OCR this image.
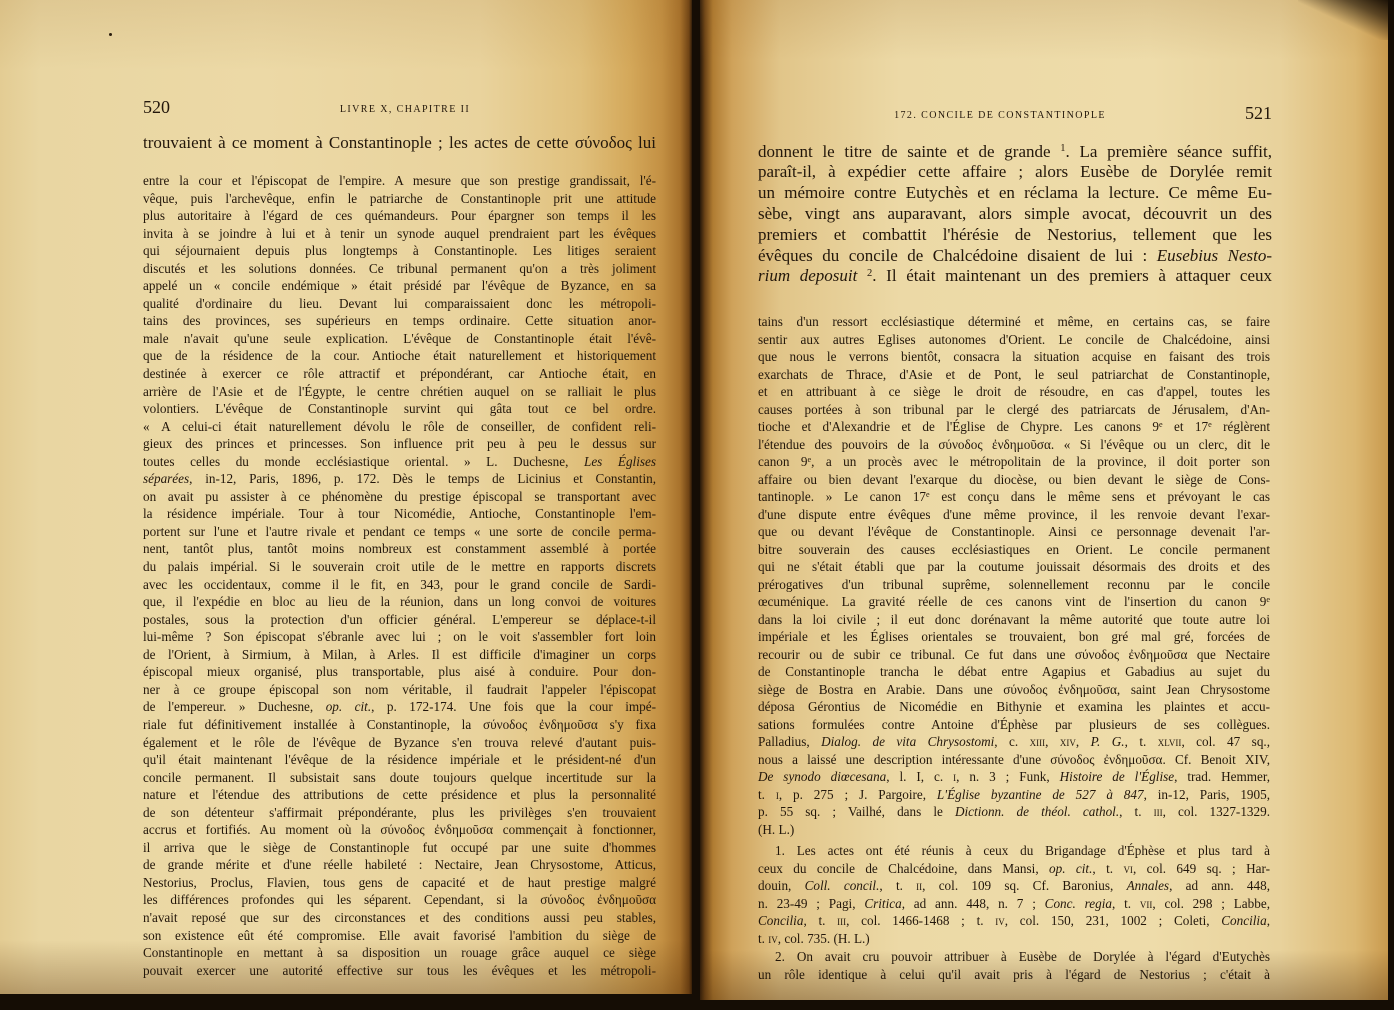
520	LIVRE X, CHAPITRE II
trouvaient à ce moment à Constantinople ; les actes de cette σύνοδος lui
entre la cour et l'épiscopat de l'empire. A mesure que son prestige grandissait, l'é-
vêque, puis l'archevêque, enfin le patriarche de Constantinople prit une attitude
plus autoritaire à l'égard de ces quémandeurs. Pour épargner son temps il les
invita à se joindre à lui et à tenir un synode auquel prendraient part les évêques
qui séjournaient depuis plus longtemps à Constantinople. Les litiges seraient
discutés et les solutions données. Ce tribunal permanent qu'on a très joliment
appelé un « concile endémique » était présidé par l'évêque de Byzance, en sa
qualité d'ordinaire du lieu. Devant lui comparaissaient donc les métropoli-
tains des provinces, ses supérieurs en temps ordinaire. Cette situation anor-
male n'avait qu'une seule explication. L'évêque de Constantinople était l'évê-
que de la résidence de la cour. Antioche était naturellement et historiquement
destinée à exercer ce rôle attractif et prépondérant, car Antioche était, en
arrière de l'Asie et de l'Égypte, le centre chrétien auquel on se ralliait le plus
volontiers. L'évêque de Constantinople survint qui gâta tout ce bel ordre.
« A celui-ci était naturellement dévolu le rôle de conseiller, de confident reli-
gieux des princes et princesses. Son influence prit peu à peu le dessus sur
toutes celles du monde ecclésiastique oriental. » L. Duchesne, Les Églises
séparées, in-12, Paris, 1896, p. 172. Dès le temps de Licinius et Constantin,
on avait pu assister à ce phénomène du prestige épiscopal se transportant avec
la résidence impériale. Tour à tour Nicomédie, Antioche, Constantinople l'em-
portent sur l'une et l'autre rivale et pendant ce temps « une sorte de concile perma-
nent, tantôt plus, tantôt moins nombreux est constamment assemblé à portée
du palais impérial. Si le souverain croit utile de le mettre en rapports discrets
avec les occidentaux, comme il le fit, en 343, pour le grand concile de Sardi-
que, il l'expédie en bloc au lieu de la réunion, dans un long convoi de voitures
postales, sous la protection d'un officier général. L'empereur se déplace-t-il
lui-même ? Son épiscopat s'ébranle avec lui ; on le voit s'assembler fort loin
de l'Orient, à Sirmium, à Milan, à Arles. Il est difficile d'imaginer un corps
épiscopal mieux organisé, plus transportable, plus aisé à conduire. Pour don-
ner à ce groupe épiscopal son nom véritable, il faudrait l'appeler l'épiscopat
de l'empereur. » Duchesne, op. cit., p. 172-174. Une fois que la cour impé-
riale fut définitivement installée à Constantinople, la σύνοδος ἐνδημοῦσα s'y fixa
également et le rôle de l'évêque de Byzance s'en trouva relevé d'autant puis-
qu'il était maintenant l'évêque de la résidence impériale et le président-né d'un
concile permanent. Il subsistait sans doute toujours quelque incertitude sur la
nature et l'étendue des attributions de cette présidence et plus la personnalité
de son détenteur s'affirmait prépondérante, plus les privilèges s'en trouvaient
accrus et fortifiés. Au moment où la σύνοδος ἐνδημοῦσα commençait à fonctionner,
il arriva que le siège de Constantinople fut occupé par une suite d'hommes
de grande mérite et d'une réelle habileté : Nectaire, Jean Chrysostome, Atticus,
Nestorius, Proclus, Flavien, tous gens de capacité et de haut prestige malgré
les différences profondes qui les séparent. Cependant, si la σύνοδος ἐνδημοῦσα
n'avait reposé que sur des circonstances et des conditions aussi peu stables,
son existence eût été compromise. Elle avait favorisé l'ambition du siège de
Constantinople en mettant à sa disposition un rouage grâce auquel ce siège
pouvait exercer une autorité effective sur tous les évêques et les métropoli-
172. CONCILE DE CONSTANTINOPLE	521
donnent le titre de sainte et de grande $^1$. La première séance suffit,
paraît-il, à expédier cette affaire ; alors Eusèbe de Dorylée remit
un mémoire contre Eutychès et en réclama la lecture. Ce même Eu-
sèbe, vingt ans auparavant, alors simple avocat, découvrit un des
premiers et combattit l'hérésie de Nestorius, tellement que les
évêques du concile de Chalcédoine disaient de lui : Eusebius Nesto-
rium deposuit $^2$. Il était maintenant un des premiers à attaquer ceux
tains d'un ressort ecclésiastique déterminé et même, en certains cas, se faire
sentir aux autres Eglises autonomes d'Orient. Le concile de Chalcédoine, ainsi
que nous le verrons bientôt, consacra la situation acquise en faisant des trois
exarchats de Thrace, d'Asie et de Pont, le seul patriarchat de Constantinople,
et en attribuant à ce siège le droit de résoudre, en cas d'appel, toutes les
causes portées à son tribunal par le clergé des patriarcats de Jérusalem, d'An-
tioche et d'Alexandrie et de l'Église de Chypre. Les canons 9e et 17e réglèrent
l'étendue des pouvoirs de la σύνοδος ἐνδημοῦσα. « Si l'évêque ou un clerc, dit le
canon 9e, a un procès avec le métropolitain de la province, il doit porter son
affaire ou bien devant l'exarque du diocèse, ou bien devant le siège de Cons-
tantinople. » Le canon 17e est conçu dans le même sens et prévoyant le cas
d'une dispute entre évêques d'une même province, il les renvoie devant l'exar-
que ou devant l'évêque de Constantinople. Ainsi ce personnage devenait l'ar-
bitre souverain des causes ecclésiastiques en Orient. Le concile permanent
qui ne s'était établi que par la coutume jouissait désormais des droits et des
prérogatives d'un tribunal suprême, solennellement reconnu par le concile
œcuménique. La gravité réelle de ces canons vint de l'insertion du canon 9e
dans la loi civile ; il eut donc dorénavant la même autorité que toute autre loi
impériale et les Églises orientales se trouvaient, bon gré mal gré, forcées de
recourir ou de subir ce tribunal. Ce fut dans une σύνοδος ἐνδημοῦσα que Nectaire
de Constantinople trancha le débat entre Agapius et Gabadius au sujet du
siège de Bostra en Arabie. Dans une σύνοδος ἐνδημοῦσα, saint Jean Chrysostome
déposa Gérontius de Nicomédie en Bithynie et examina les plaintes et accu-
sations formulées contre Antoine d'Éphèse par plusieurs de ses collègues.
Palladius, Dialog. de vita Chrysostomi, c. xiii, xiv, P. G., t. xlvii, col. 47 sq.,
nous a laissé une description intéressante d'une σύνοδος ἐνδημοῦσα. Cf. Benoit XIV,
De synodo diœcesana, l. I, c. i, n. 3 ; Funk, Histoire de l'Église, trad. Hemmer,
t. i, p. 275 ; J. Pargoire, L'Église byzantine de 527 à 847, in-12, Paris, 1905,
p. 55 sq. ; Vailhé, dans le Dictionn. de théol. cathol., t. iii, col. 1327-1329.
(H. L.)
1. Les actes ont été réunis à ceux du Brigandage d'Éphèse et plus tard à
ceux du concile de Chalcédoine, dans Mansi, op. cit., t. vi, col. 649 sq. ; Har-
douin, Coll. concil., t. ii, col. 109 sq. Cf. Baronius, Annales, ad ann. 448,
n. 23-49 ; Pagi, Critica, ad ann. 448, n. 7 ; Conc. regia, t. vii, col. 298 ; Labbe,
Concilia, t. iii, col. 1466-1468 ; t. iv, col. 150, 231, 1002 ; Coleti, Concilia,
t. iv, col. 735. (H. L.)
2. On avait cru pouvoir attribuer à Eusèbe de Dorylée à l'égard d'Eutychès
un rôle identique à celui qu'il avait pris à l'égard de Nestorius ; c'était à
